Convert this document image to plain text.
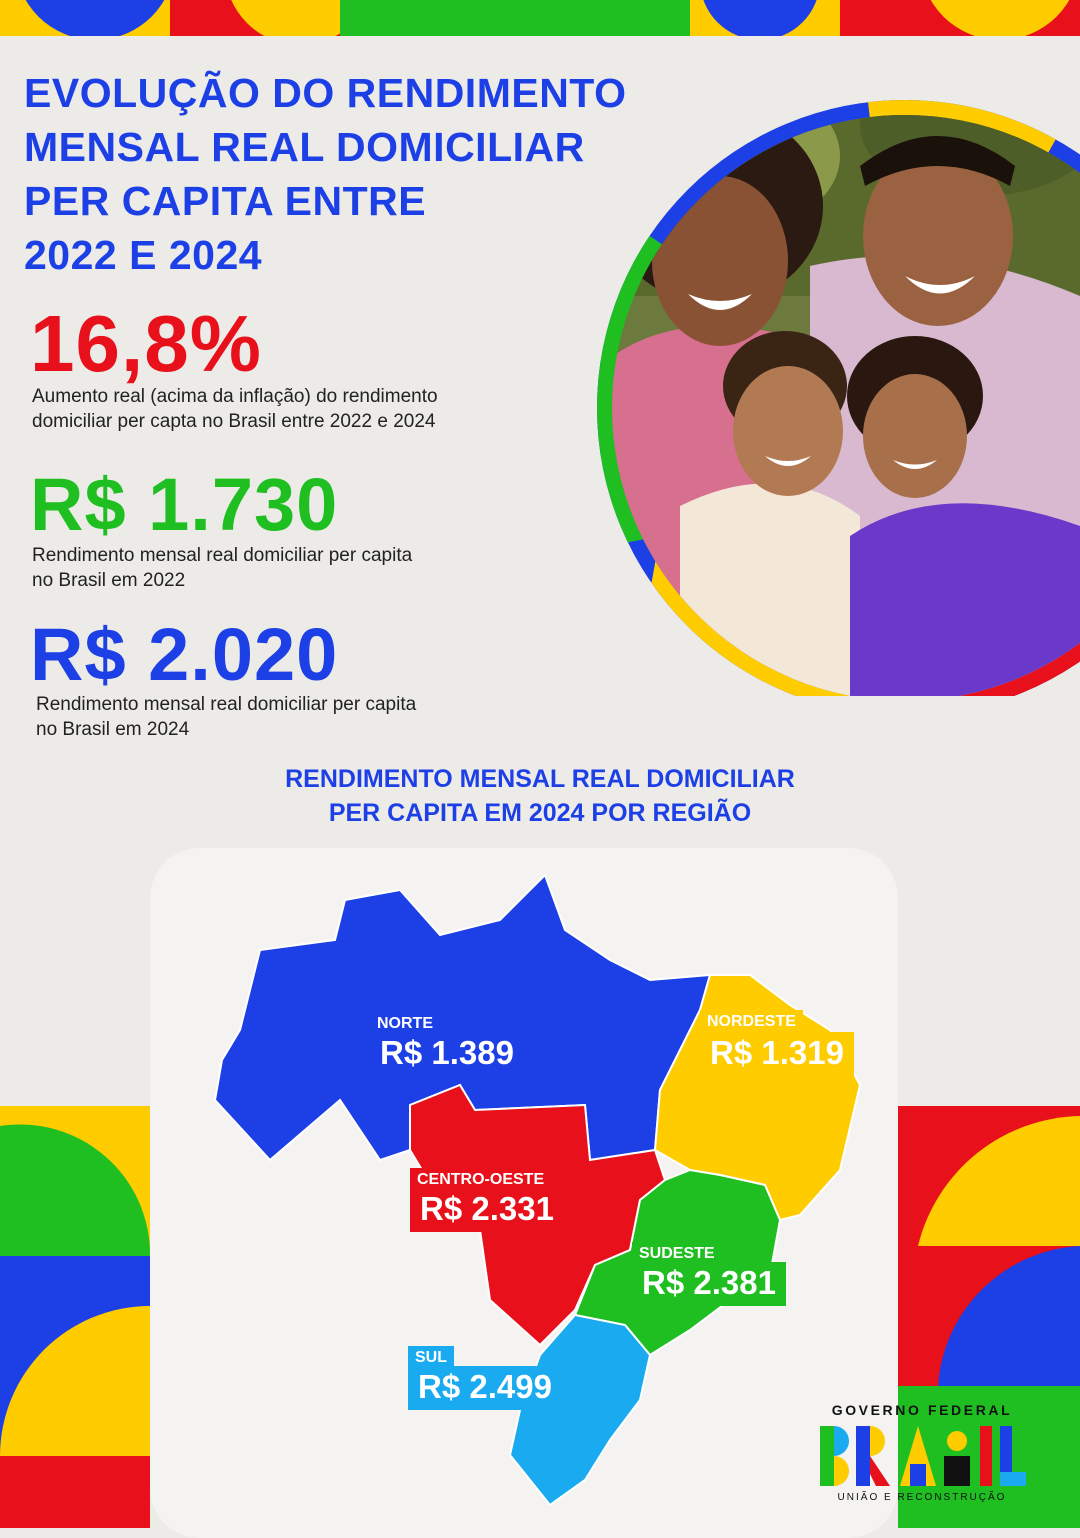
EVOLUÇÃO DO RENDIMENTO
MENSAL REAL DOMICILIAR
PER CAPITA ENTRE
2022 E 2024
16,8%
Aumento real (acima da inflação) do rendimento
domiciliar per capta no Brasil entre 2022 e 2024
R$ 1.730
Rendimento mensal real domiciliar per capita
no Brasil em 2022
R$ 2.020
Rendimento mensal real domiciliar per capita
no Brasil em 2024
RENDIMENTO MENSAL REAL DOMICILIAR
PER CAPITA EM 2024 POR REGIÃO
NORTE
R$ 1.389
NORDESTE
R$ 1.319
CENTRO-OESTE
R$ 2.331
SUDESTE
R$ 2.381
SUL
R$ 2.499
GOVERNO FEDERAL
UNIÃO E RECONSTRUÇÃO
